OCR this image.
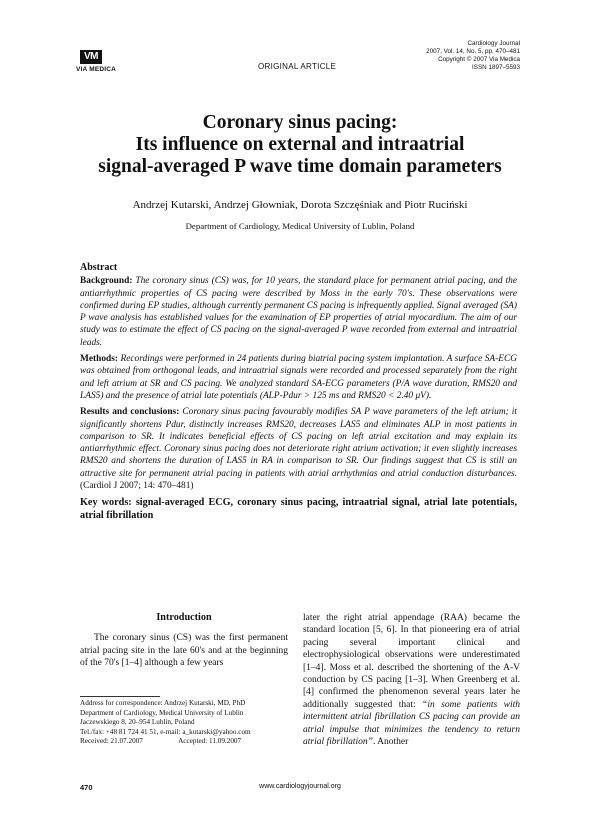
VM
VIA MEDICA	ORIGINAL ARTICLE
Cardiology Journal
2007, Vol. 14, No. 5, pp. 470–481
Copyright © 2007 Via Medica
ISSN 1897–5593
Coronary sinus pacing:
Its influence on external and intraatrial
signal-averaged P wave time domain parameters
Andrzej Kutarski, Andrzej Głowniak, Dorota Szczęśniak and Piotr Ruciński
Department of Cardiology, Medical University of Lublin, Poland
Abstract

Background: The coronary sinus (CS) was, for 10 years, the standard place for permanent atrial pacing, and the antiarrhythmic properties of CS pacing were described by Moss in the early 70's. These observations were confirmed during EP studies, although currently permanent CS pacing is infrequently applied. Signal averaged (SA) P wave analysis has established values for the examination of EP properties of atrial myocardium. The aim of our study was to estimate the effect of CS pacing on the signal-averaged P wave recorded from external and intraatrial leads.

Methods: Recordings were performed in 24 patients during biatrial pacing system implantation. A surface SA-ECG was obtained from orthogonal leads, and intraatrial signals were recorded and processed separately from the right and left atrium at SR and CS pacing. We analyzed standard SA-ECG parameters (P/A wave duration, RMS20 and LAS5) and the presence of atrial late potentials (ALP-Pdur > 125 ms and RMS20 < 2.40 μV).

Results and conclusions: Coronary sinus pacing favourably modifies SA P wave parameters of the left atrium; it significantly shortens Pdur, distinctly increases RMS20, decreases LAS5 and eliminates ALP in most patients in comparison to SR. It indicates beneficial effects of CS pacing on left atrial excitation and may explain its antiarrhythmic effect. Coronary sinus pacing does not deteriorate right atrium activation; it even slightly increases RMS20 and shortens the duration of LAS5 in RA in comparison to SR. Our findings suggest that CS is still an attractive site for permanent atrial pacing in patients with atrial arrhythmias and atrial conduction disturbances. (Cardiol J 2007; 14: 470–481)

Key words: signal-averaged ECG, coronary sinus pacing, intraatrial signal, atrial late potentials, atrial fibrillation
Introduction

The coronary sinus (CS) was the first permanent atrial pacing site in the late 60's and at the beginning of the 70's [1–4] although a few years

Address for correspondence: Andrzej Kutarski, MD, PhD
Department of Cardiology, Medical University of Lublin
Jaczewskiego 8, 20–954 Lublin, Poland
Tel./fax: +48 81 724 41 51, e-mail: a_kutarski@yahoo.com
Received: 21.07.2007	Accepted: 11.09.2007

later the right atrial appendage (RAA) became the standard location [5, 6]. In that pioneering era of atrial pacing several important clinical and electrophysiological observations were underestimated [1–4]. Moss et al. described the shortening of the A-V conduction by CS pacing [1–3]. When Greenberg et al. [4] confirmed the phenomenon several years later he additionally suggested that: “in some patients with intermittent atrial fibrillation CS pacing can provide an atrial impulse that minimizes the tendency to return atrial fibrillation”. Another

470	www.cardiologyjournal.org
